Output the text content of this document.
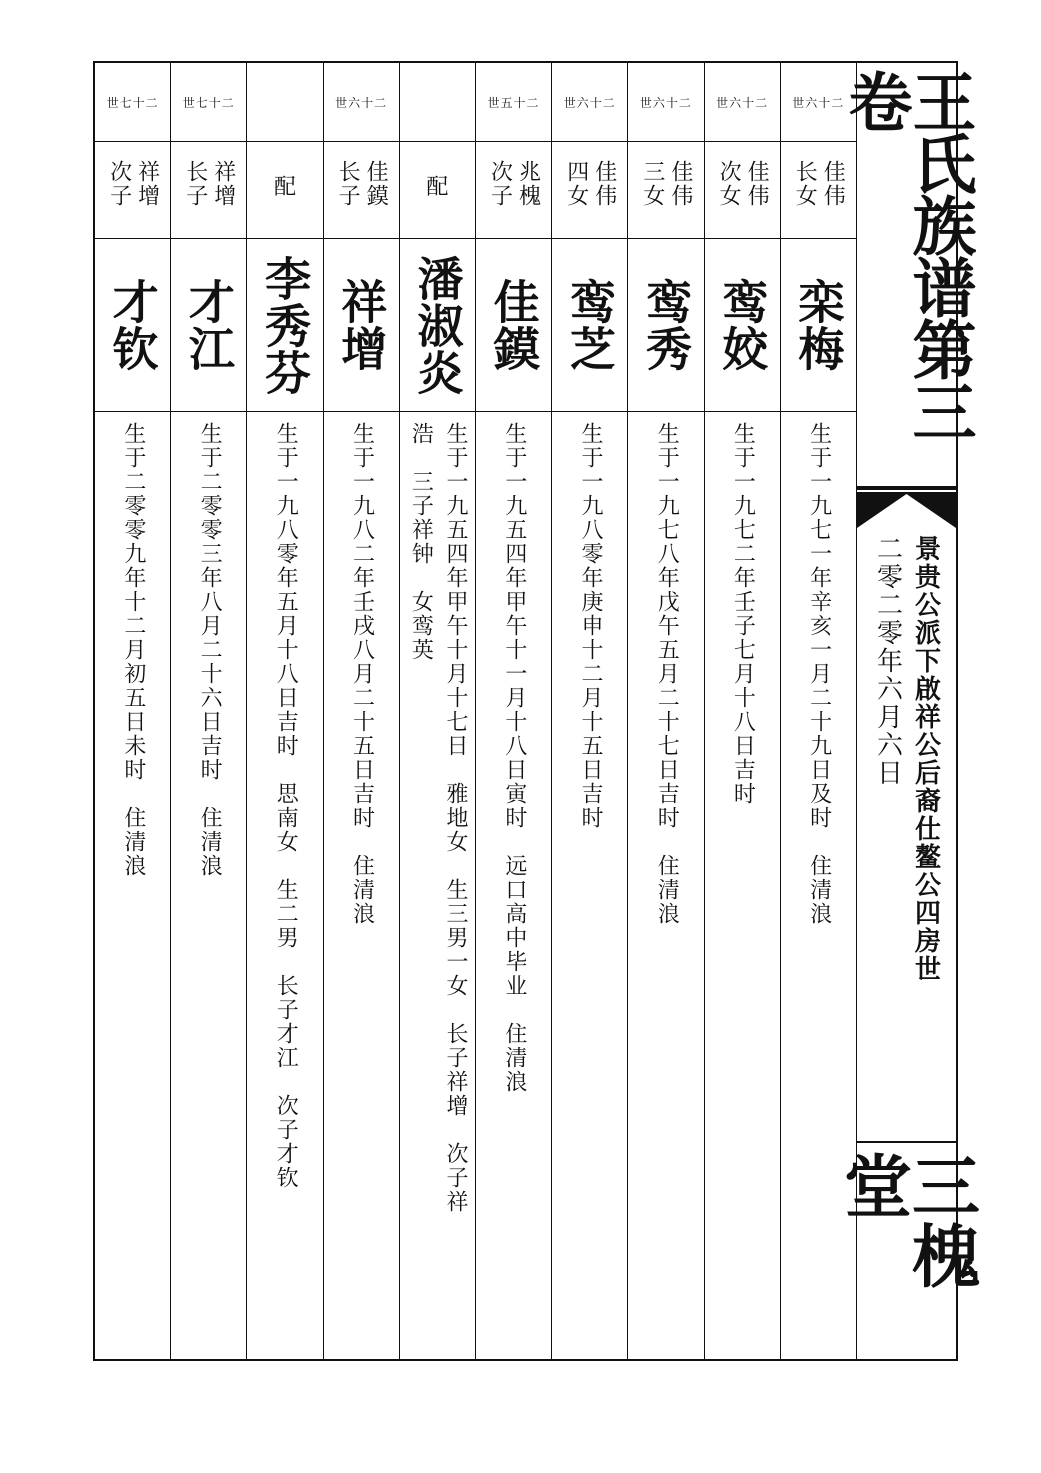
世七十二
祥增
次子
才钦
生于二零零九年十二月初五日未时　住清浪
世七十二
祥增
长子
才江
生于二零零三年八月二十六日吉时　住清浪
配
李秀芬
生于一九八零年五月十八日吉时　思南女　生二男　长子才江　次子才钦
世六十二
佳鏌
长子
祥增
生于一九八二年壬戌八月二十五日吉时　住清浪
配
潘淑炎
生于一九五四年甲午十月十七日　雅地女　生三男一女　长子祥增　次子祥
浩　三子祥钟　女鸾英
世五十二
兆槐
次子
佳鏌
生于一九五四年甲午十一月十八日寅时　远口高中毕业　住清浪
世六十二
佳伟
四女
鸾芝
生于一九八零年庚申十二月十五日吉时
世六十二
佳伟
三女
鸾秀
生于一九七八年戊午五月二十七日吉时　住清浪
世六十二
佳伟
次女
鸾姣
生于一九七二年壬子七月十八日吉时
世六十二
佳伟
长女
栾梅
生于一九七一年辛亥一月二十九日及时　住清浪
王氏族谱第三卷
景贵公派下啟祥公后裔仕鳌公四房世
二零二零年六月六日
三槐堂
